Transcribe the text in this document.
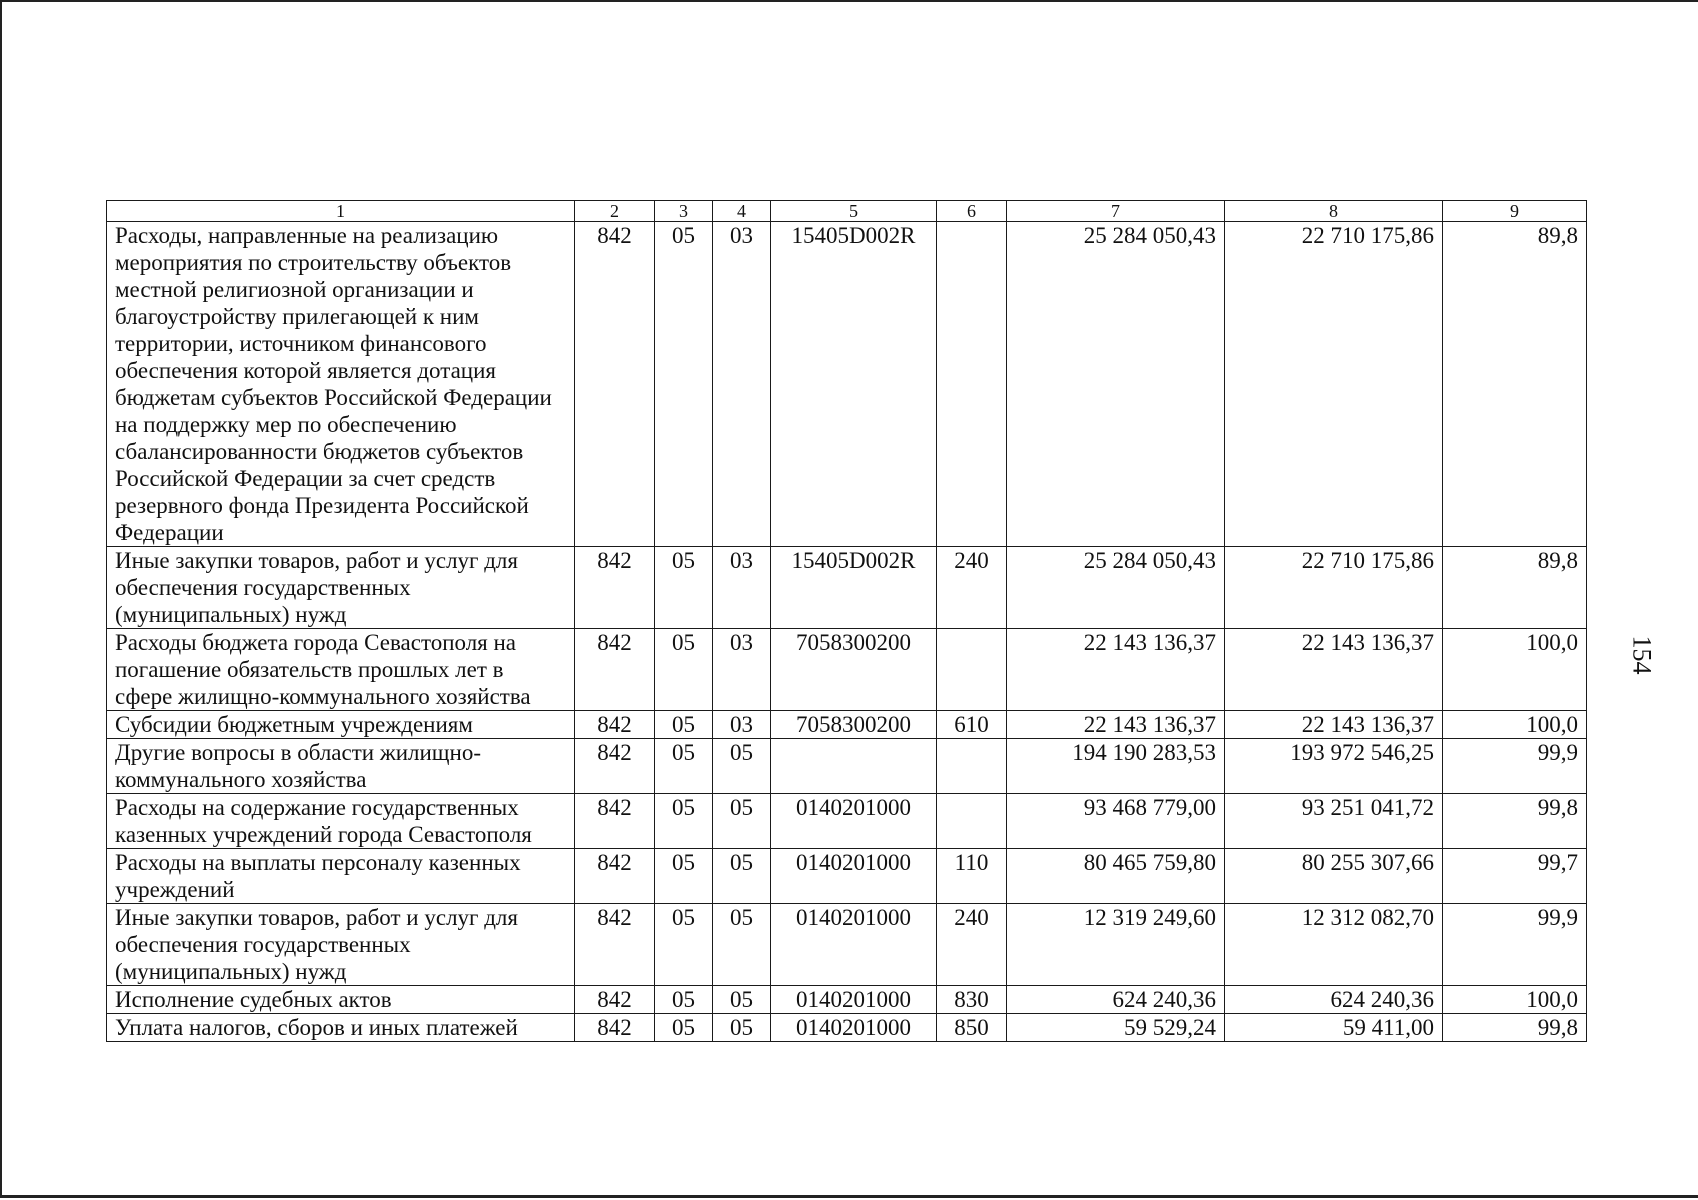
1	2	3	4	5	6	7	8	9
Расходы, направленные на реализацию мероприятия по строительству объектов местной религиозной организации и благоустройству прилегающей к ним территории, источником финансового обеспечения которой является дотация бюджетам субъектов Российской Федерации на поддержку мер по обеспечению сбалансированности бюджетов субъектов Российской Федерации за счет средств резервного фонда Президента Российской Федерации	842	05	03	15405D002R		25 284 050,43	22 710 175,86	89,8
Иные закупки товаров, работ и услуг для обеспечения государственных (муниципальных) нужд	842	05	03	15405D002R	240	25 284 050,43	22 710 175,86	89,8
Расходы бюджета города Севастополя на погашение обязательств прошлых лет в сфере жилищно-коммунального хозяйства	842	05	03	7058300200		22 143 136,37	22 143 136,37	100,0
Субсидии бюджетным учреждениям	842	05	03	7058300200	610	22 143 136,37	22 143 136,37	100,0
Другие вопросы в области жилищно-коммунального хозяйства	842	05	05			194 190 283,53	193 972 546,25	99,9
Расходы на содержание государственных казенных учреждений города Севастополя	842	05	05	0140201000		93 468 779,00	93 251 041,72	99,8
Расходы на выплаты персоналу казенных учреждений	842	05	05	0140201000	110	80 465 759,80	80 255 307,66	99,7
Иные закупки товаров, работ и услуг для обеспечения государственных (муниципальных) нужд	842	05	05	0140201000	240	12 319 249,60	12 312 082,70	99,9
Исполнение судебных актов	842	05	05	0140201000	830	624 240,36	624 240,36	100,0
Уплата налогов, сборов и иных платежей	842	05	05	0140201000	850	59 529,24	59 411,00	99,8
154
